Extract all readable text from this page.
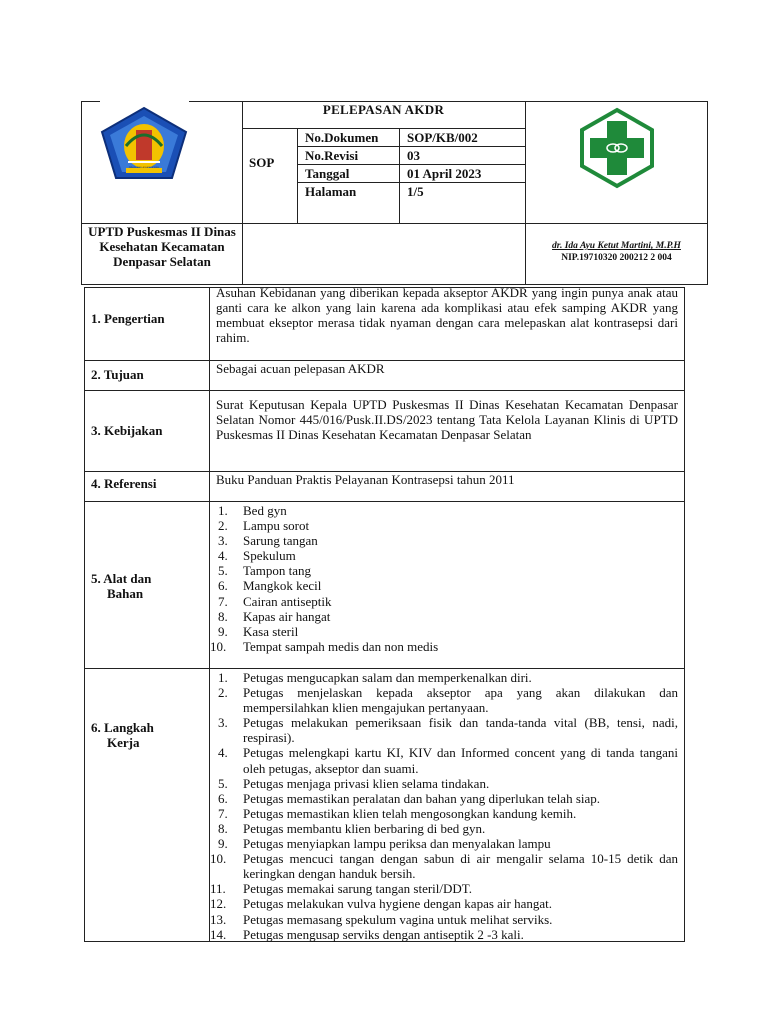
PURADAKSHA BHAKTA SEVAKA
PELEPASAN AKDR
SOP
No.Dokumen SOP/KB/002
No.Revisi	03
Tanggal	01 April 2023
Halaman	1/5
UPTD Puskesmas II Dinas Kesehatan Kecamatan Denpasar Selatan
dr. Ida Ayu Ketut Martini, M.P.H
NIP.19710320 200212 2 004
1. Pengertian
Asuhan Kebidanan yang diberikan kepada akseptor AKDR yang ingin punya anak atau ganti cara ke alkon yang lain karena ada komplikasi atau efek samping AKDR yang membuat ekseptor merasa tidak nyaman dengan cara melepaskan alat kontrasepsi dari rahim.
2. Tujuan	Sebagai acuan pelepasan AKDR
3. Kebijakan
Surat Keputusan Kepala UPTD Puskesmas II Dinas Kesehatan Kecamatan Denpasar Selatan Nomor 445/016/Pusk.II.DS/2023 tentang Tata Kelola Layanan Klinis di UPTD Puskesmas II Dinas Kesehatan Kecamatan Denpasar Selatan
4. Referensi	Buku Panduan Praktis Pelayanan Kontrasepsi tahun 2011
5. Alat dan
Bahan
1 .	Bed gyn
2 .	Lampu sorot
3 .	Sarung tangan
4 .	Spekulum
5 .	Tampon tang
6 .	Mangkok kecil
7 .	Cairan antiseptik
8 .	Kapas air hangat
9 .	Kasa steril
10 .	Tempat sampah medis dan non medis
6. Langkah
Kerja
1 .	Petugas mengucapkan salam dan memperkenalkan diri.
2 .	Petugas menjelaskan kepada akseptor apa yang akan dilakukan dan mempersilahkan klien mengajukan pertanyaan.
3 .	Petugas melakukan pemeriksaan fisik dan tanda-tanda vital (BB, tensi, nadi, respirasi).
4 .	Petugas melengkapi kartu KI, KIV dan Informed concent yang di tanda tangani oleh petugas, akseptor dan suami.
5 .	Petugas menjaga privasi klien selama tindakan.
6 .	Petugas memastikan peralatan dan bahan yang diperlukan telah siap.
7 .	Petugas memastikan klien telah mengosongkan kandung kemih.
8 .	Petugas membantu klien berbaring di bed gyn.
9 .	Petugas menyiapkan lampu periksa dan menyalakan lampu
10 .	Petugas mencuci tangan dengan sabun di air mengalir selama 10-15 detik dan keringkan dengan handuk bersih.
11 .	Petugas memakai sarung tangan steril/DDT.
12 .	Petugas melakukan vulva hygiene dengan kapas air hangat.
13 .	Petugas memasang spekulum vagina untuk melihat serviks.
14 .	Petugas mengusap serviks dengan antiseptik 2 -3 kali.
